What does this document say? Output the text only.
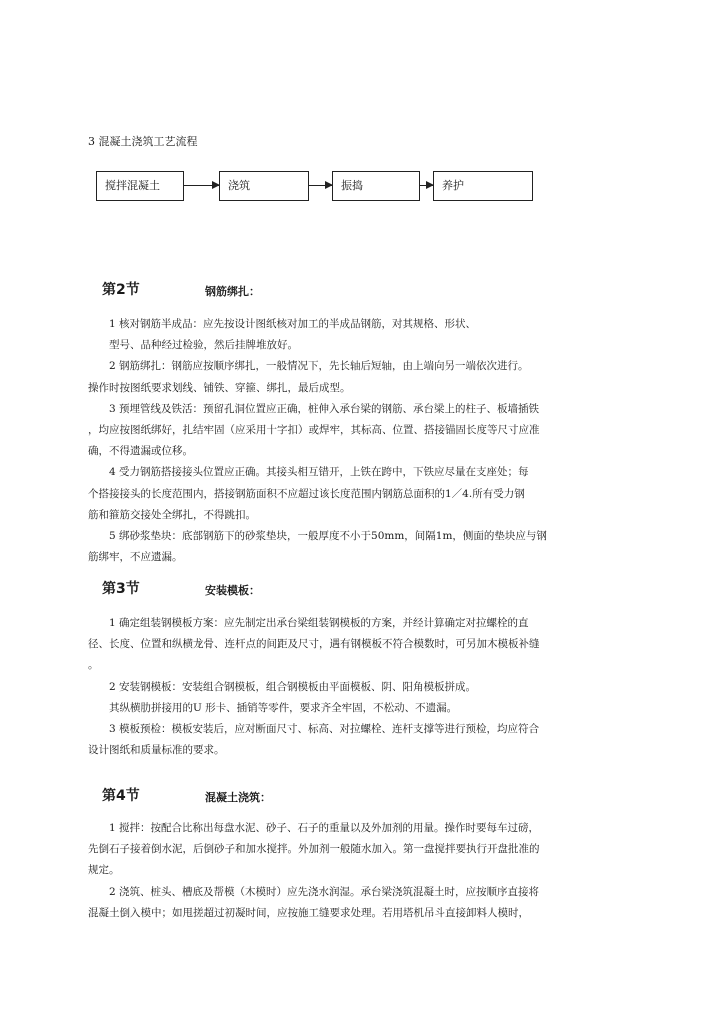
3 混凝土浇筑工艺流程
搅拌混凝土	浇筑	振捣	养护
第2节	钢筋绑扎：
　　1 核对钢筋半成品：应先按设计图纸核对加工的半成品钢筋，对其规格、形状、
　　型号、品种经过检验，然后挂牌堆放好。
　　2 钢筋绑扎：钢筋应按顺序绑扎，一般情况下，先长轴后短轴，由上端向另一端依次进行。
操作时按图纸要求划线、铺铁、穿箍、绑扎，最后成型。
　　3 预埋管线及铁活：预留孔洞位置应正确，桩伸入承台梁的钢筋、承台梁上的柱子、板墙插铁
，均应按图纸绑好，扎结牢固（应采用十字扣）或焊牢，其标高、位置、搭接锚固长度等尺寸应准
确，不得遗漏或位移。
　　4 受力钢筋搭接接头位置应正确。其接头相互错开，上铁在跨中，下铁应尽量在支座处；每
个搭接接头的长度范围内，搭接钢筋面积不应超过该长度范围内钢筋总面积的1／4.所有受力钢
筋和箍筋交接处全绑扎，不得跳扣。
　　5 绑砂浆垫块：底部钢筋下的砂浆垫块，一般厚度不小于50mm，间隔1m，侧面的垫块应与钢
筋绑牢，不应遗漏。
第3节	安装模板：
　　1 确定组装钢模板方案：应先制定出承台梁组装钢模板的方案，并经计算确定对拉螺栓的直
径、长度、位置和纵横龙骨、连杆点的间距及尺寸，遇有钢模板不符合模数时，可另加木模板补缝
。
　　2 安装钢模板：安装组合钢模板，组合钢模板由平面模板、阴、阳角模板拼成。
　　其纵横肋拼接用的U 形卡、插销等零件，要求齐全牢固，不松动、不遗漏。
　　3 模板预检：模板安装后，应对断面尺寸、标高、对拉螺栓、连杆支撑等进行预检，均应符合
设计图纸和质量标准的要求。
第4节	混凝土浇筑：
　　1 搅拌：按配合比称出每盘水泥、砂子、石子的重量以及外加剂的用量。操作时要每车过磅，
先倒石子接着倒水泥，后倒砂子和加水搅拌。外加剂一般随水加入。第一盘搅拌要执行开盘批准的
规定。
　　2 浇筑、桩头、槽底及帮模（木模时）应先浇水润湿。承台梁浇筑混凝土时，应按顺序直接将
混凝土倒入模中；如甩搓超过初凝时间，应按施工缝要求处理。若用塔机吊斗直接卸料人模时，
